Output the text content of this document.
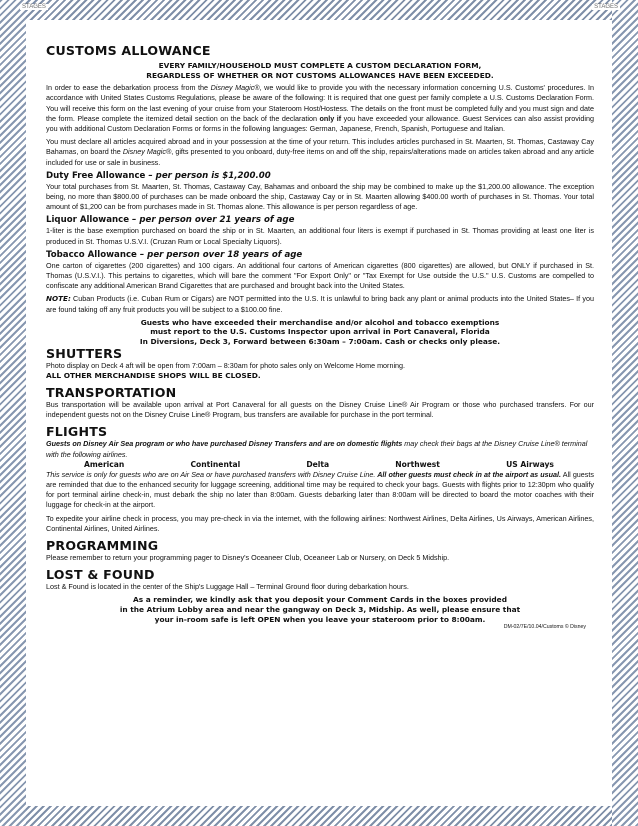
STAGES	STAGES
CUSTOMS ALLOWANCE

EVERY FAMILY/HOUSEHOLD MUST COMPLETE A CUSTOM DECLARATION FORM,

REGARDLESS OF WHETHER OR NOT CUSTOMS ALLOWANCES HAVE BEEN EXCEEDED.

In order to ease the debarkation process from the Disney Magic®, we would like to provide you with the necessary information concerning U.S. Customs' procedures. In accordance with United States Customs Regulations, please be aware of the following: It is required that one guest per family complete a U.S. Customs Declaration Form. You will receive this form on the last evening of your cruise from your Stateroom Host/Hostess. The details on the front must be completed fully and you must sign and date the form. Please complete the itemized detail section on the back of the declaration only if you have exceeded your allowance. Guest Services can also assist providing you with additional Custom Declaration Forms or forms in the following languages: German, Japanese, French, Spanish, Portuguese and Italian.

You must declare all articles acquired abroad and in your possession at the time of your return. This includes articles purchased in St. Maarten, St. Thomas, Castaway Cay Bahamas, on board the Disney Magic®, gifts presented to you onboard, duty-free items on and off the ship, repairs/alterations made on articles taken abroad and any article included for use or sale in business.

Duty Free Allowance – per person is $1,200.00

Your total purchases from St. Maarten, St. Thomas, Castaway Cay, Bahamas and onboard the ship may be combined to make up the $1,200.00 allowance. The exception being, no more than $800.00 of purchases can be made onboard the ship, Castaway Cay or in St. Maarten allowing $400.00 worth of purchases in St. Thomas. Your total amount of $1,200 can be from purchases made in St. Thomas alone. This allowance is per person regardless of age.

Liquor Allowance – per person over 21 years of age

1-liter is the base exemption purchased on board the ship or in St. Maarten, an additional four liters is exempt if purchased in St. Thomas providing at least one liter is produced in St. Thomas U.S.V.I. (Cruzan Rum or Local Specialty Liquors).

Tobacco Allowance – per person over 18 years of age

One carton of cigarettes (200 cigarettes) and 100 cigars. An additional four cartons of American cigarettes (800 cigarettes) are allowed, but ONLY if purchased in St. Thomas (U.S.V.I.). This pertains to cigarettes, which will bare the comment "For Export Only" or "Tax Exempt for Use outside the U.S." U.S. Customs are compelled to confiscate any additional American Brand Cigarettes that are purchased and brought back into the United States.

NOTE: Cuban Products (i.e. Cuban Rum or Cigars) are NOT permitted into the U.S. It is unlawful to bring back any plant or animal products into the United States– If you are found taking off any fruit products you will be subject to a $100.00 fine.

Guests who have exceeded their merchandise and/or alcohol and tobacco exemptions

must report to the U.S. Customs Inspector upon arrival in Port Canaveral, Florida

In Diversions, Deck 3, Forward between 6:30am – 7:00am. Cash or checks only please.

SHUTTERS

Photo display on Deck 4 aft will be open from 7:00am – 8:30am for photo sales only on Welcome Home morning.

ALL OTHER MERCHANDISE SHOPS WILL BE CLOSED.

TRANSPORTATION

Bus transportation will be available upon arrival at Port Canaveral for all guests on the Disney Cruise Line® Air Program or those who purchased transfers. For our independent guests not on the Disney Cruise Line® Program, bus transfers are available for purchase in the port terminal.

FLIGHTS

Guests on Disney Air Sea program or who have purchased Disney Transfers and are on domestic flights may check their bags at the Disney Cruise Line® terminal with the following airlines.

American	Continental	Delta	Northwest	US Airways

This service is only for guests who are on Air Sea or have purchased transfers with Disney Cruise Line. All other guests must check in at the airport as usual. All guests are reminded that due to the enhanced security for luggage screening, additional time may be required to check your bags. Guests with flights prior to 12:30pm who qualify for port terminal airline check-in, must debark the ship no later than 8:00am. Guests debarking later than 8:00am will be directed to board the motor coaches with their luggage for check-in at the airport.

To expedite your airline check in process, you may pre-check in via the internet, with the following airlines: Northwest Airlines, Delta Airlines, Us Airways, American Airlines, Continental Airlines, United Airlines.

PROGRAMMING

Please remember to return your programming pager to Disney's Oceaneer Club, Oceaneer Lab or Nursery, on Deck 5 Midship.

LOST & FOUND

Lost & Found is located in the center of the Ship's Luggage Hall – Terminal Ground floor during debarkation hours.

As a reminder, we kindly ask that you deposit your Comment Cards in the boxes provided

in the Atrium Lobby area and near the gangway on Deck 3, Midship. As well, please ensure that

your in-room safe is left OPEN when you leave your stateroom prior to 8:00am.

DM-02/7E/10.04/Customs © Disney
